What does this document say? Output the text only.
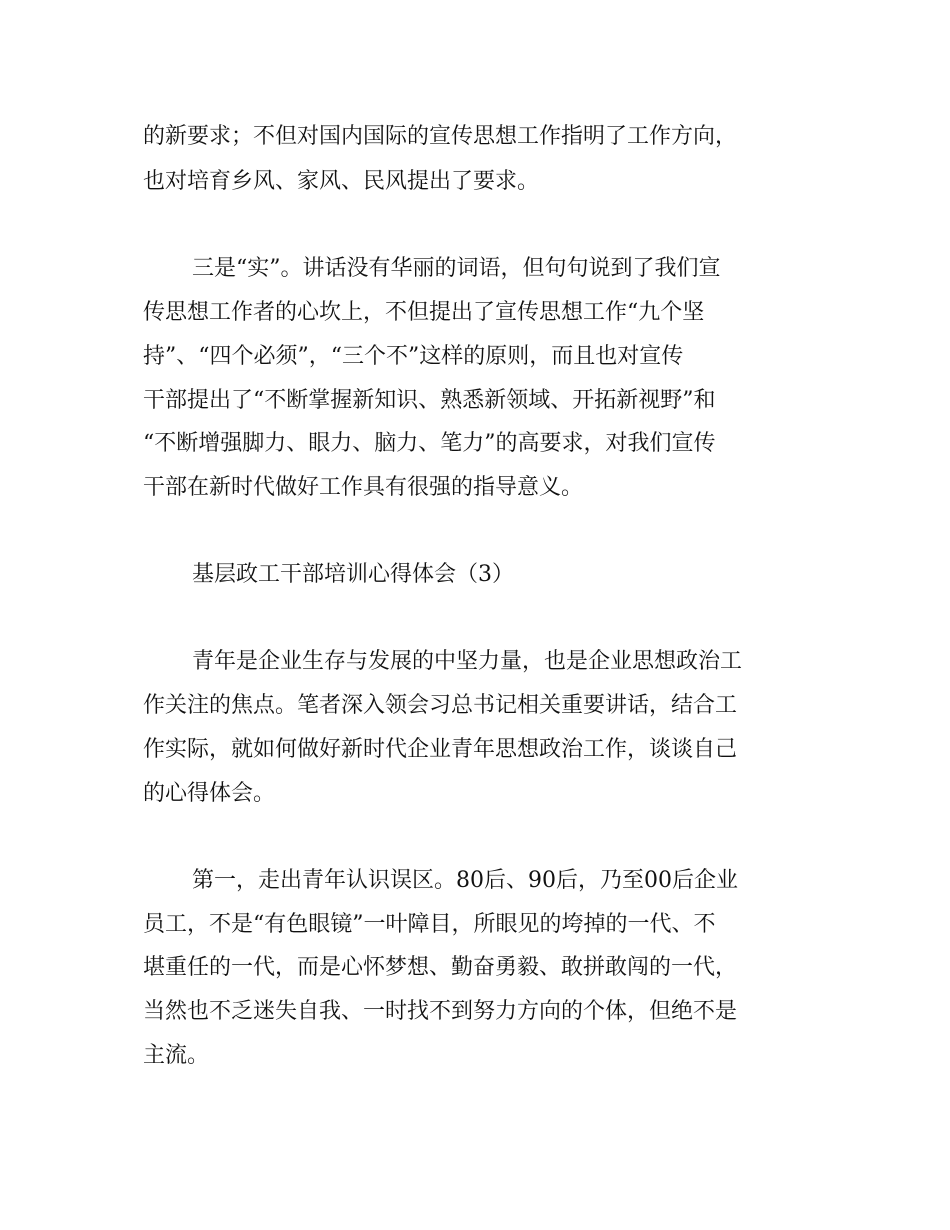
的新要求；不但对国内国际的宣传思想工作指明了工作方向，

也对培育乡风、家风、民风提出了要求。

三是“实”。讲话没有华丽的词语，但句句说到了我们宣

传思想工作者的心坎上，不但提出了宣传思想工作“九个坚

持”、“四个必须”，“三个不”这样的原则，而且也对宣传

干部提出了“不断掌握新知识、熟悉新领域、开拓新视野”和

“不断增强脚力、眼力、脑力、笔力”的高要求，对我们宣传

干部在新时代做好工作具有很强的指导意义。

基层政工干部培训心得体会（3）

青年是企业生存与发展的中坚力量，也是企业思想政治工

作关注的焦点。笔者深入领会习总书记相关重要讲话，结合工

作实际，就如何做好新时代企业青年思想政治工作，谈谈自己

的心得体会。

第一，走出青年认识误区。80后、90后，乃至00后企业

员工，不是“有色眼镜”一叶障目，所眼见的垮掉的一代、不

堪重任的一代，而是心怀梦想、勤奋勇毅、敢拼敢闯的一代，

当然也不乏迷失自我、一时找不到努力方向的个体，但绝不是

主流。
